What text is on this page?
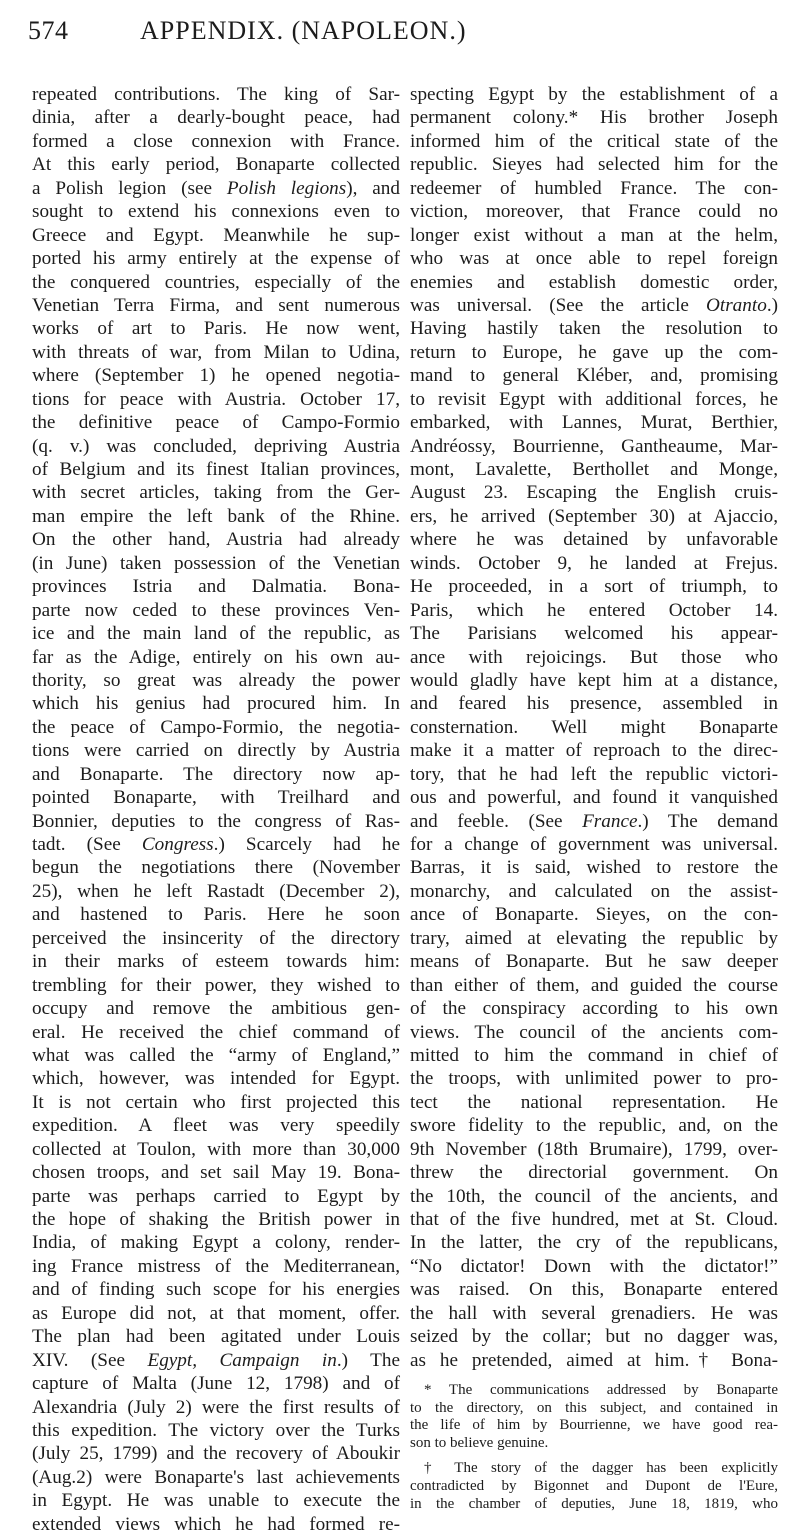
574	APPENDIX. (NAPOLEON.)
repeated contributions. The king of Sar-
dinia, after a dearly-bought peace, had
formed a close connexion with France.
At this early period, Bonaparte collected
a Polish legion (see Polish legions), and
sought to extend his connexions even to
Greece and Egypt. Meanwhile he sup-
ported his army entirely at the expense of
the conquered countries, especially of the
Venetian Terra Firma, and sent numerous
works of art to Paris. He now went,
with threats of war, from Milan to Udina,
where (September 1) he opened negotia-
tions for peace with Austria. October 17,
the definitive peace of Campo-Formio
(q. v.) was concluded, depriving Austria
of Belgium and its finest Italian provinces,
with secret articles, taking from the Ger-
man empire the left bank of the Rhine.
On the other hand, Austria had already
(in June) taken possession of the Venetian
provinces Istria and Dalmatia. Bona-
parte now ceded to these provinces Ven-
ice and the main land of the republic, as
far as the Adige, entirely on his own au-
thority, so great was already the power
which his genius had procured him. In
the peace of Campo-Formio, the negotia-
tions were carried on directly by Austria
and Bonaparte. The directory now ap-
pointed Bonaparte, with Treilhard and
Bonnier, deputies to the congress of Ras-
tadt. (See Congress.) Scarcely had he
begun the negotiations there (November
25), when he left Rastadt (December 2),
and hastened to Paris. Here he soon
perceived the insincerity of the directory
in their marks of esteem towards him:
trembling for their power, they wished to
occupy and remove the ambitious gen-
eral. He received the chief command of
what was called the “army of England,”
which, however, was intended for Egypt.
It is not certain who first projected this
expedition. A fleet was very speedily
collected at Toulon, with more than 30,000
chosen troops, and set sail May 19. Bona-
parte was perhaps carried to Egypt by
the hope of shaking the British power in
India, of making Egypt a colony, render-
ing France mistress of the Mediterranean,
and of finding such scope for his energies
as Europe did not, at that moment, offer.
The plan had been agitated under Louis
XIV. (See Egypt, Campaign in.) The
capture of Malta (June 12, 1798) and of
Alexandria (July 2) were the first results of
this expedition. The victory over the Turks
(July 25, 1799) and the recovery of Aboukir
(Aug.2) were Bonaparte's last achievements
in Egypt. He was unable to execute the
extended views which he had formed re-
specting Egypt by the establishment of a
permanent colony.* His brother Joseph
informed him of the critical state of the
republic. Sieyes had selected him for the
redeemer of humbled France. The con-
viction, moreover, that France could no
longer exist without a man at the helm,
who was at once able to repel foreign
enemies and establish domestic order,
was universal. (See the article Otranto.)
Having hastily taken the resolution to
return to Europe, he gave up the com-
mand to general Kléber, and, promising
to revisit Egypt with additional forces, he
embarked, with Lannes, Murat, Berthier,
Andréossy, Bourrienne, Gantheaume, Mar-
mont, Lavalette, Berthollet and Monge,
August 23. Escaping the English cruis-
ers, he arrived (September 30) at Ajaccio,
where he was detained by unfavorable
winds. October 9, he landed at Frejus.
He proceeded, in a sort of triumph, to
Paris, which he entered October 14.
The Parisians welcomed his appear-
ance with rejoicings. But those who
would gladly have kept him at a distance,
and feared his presence, assembled in
consternation. Well might Bonaparte
make it a matter of reproach to the direc-
tory, that he had left the republic victori-
ous and powerful, and found it vanquished
and feeble. (See France.) The demand
for a change of government was universal.
Barras, it is said, wished to restore the
monarchy, and calculated on the assist-
ance of Bonaparte. Sieyes, on the con-
trary, aimed at elevating the republic by
means of Bonaparte. But he saw deeper
than either of them, and guided the course
of the conspiracy according to his own
views. The council of the ancients com-
mitted to him the command in chief of
the troops, with unlimited power to pro-
tect the national representation. He
swore fidelity to the republic, and, on the
9th November (18th Brumaire), 1799, over-
threw the directorial government. On
the 10th, the council of the ancients, and
that of the five hundred, met at St. Cloud.
In the latter, the cry of the republicans,
“No dictator! Down with the dictator!”
was raised. On this, Bonaparte entered
the hall with several grenadiers. He was
seized by the collar; but no dagger was,
as he pretended, aimed at him.† Bona-
* The communications addressed by Bonaparte
to the directory, on this subject, and contained in
the life of him by Bourrienne, we have good rea-
son to believe genuine.
† The story of the dagger has been explicitly
contradicted by Bigonnet and Dupont de l'Eure,
in the chamber of deputies, June 18, 1819, who
